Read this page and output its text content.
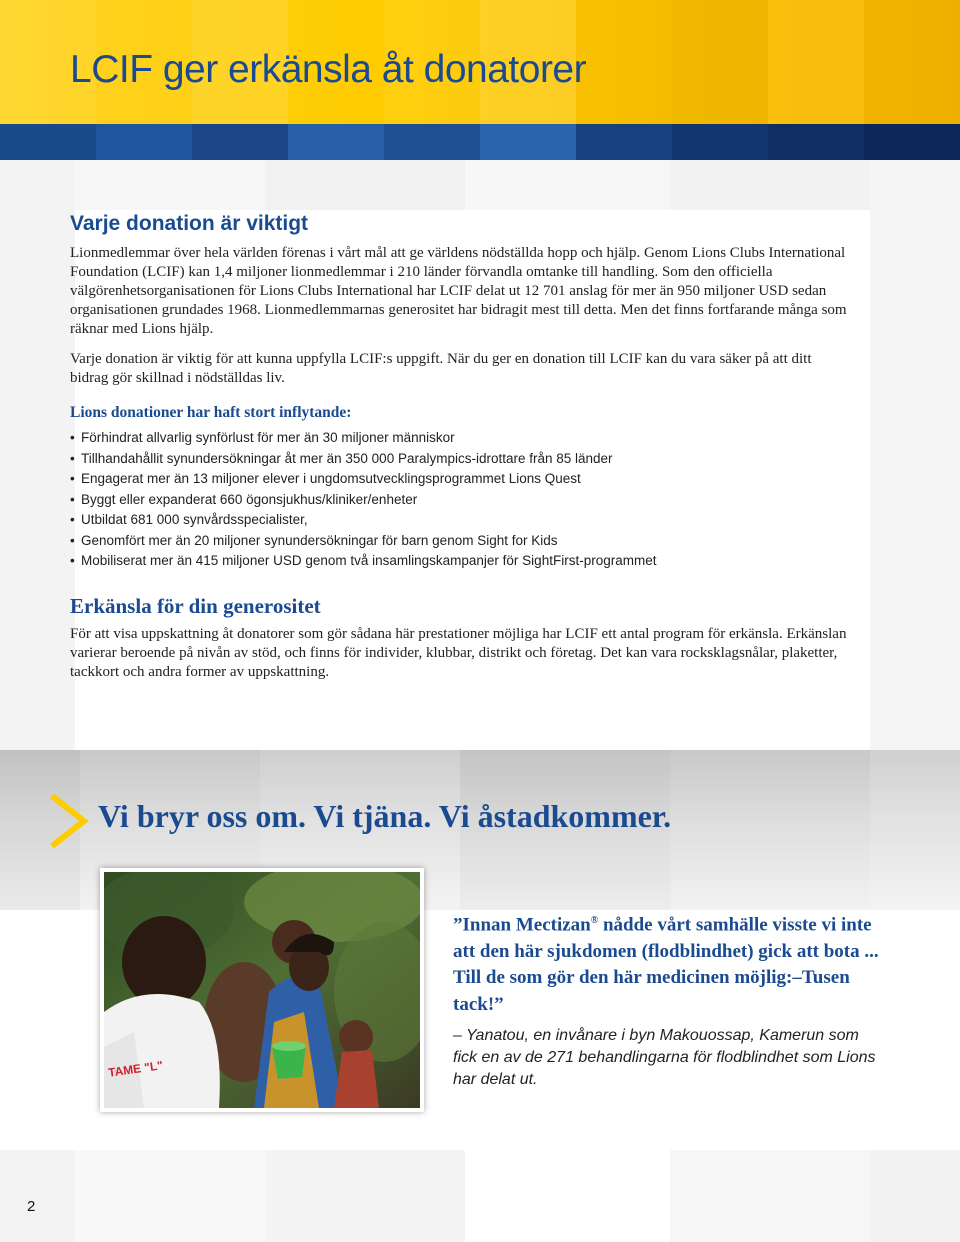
LCIF ger erkänsla åt donatorer
Varje donation är viktigt

Lionmedlemmar över hela världen förenas i vårt mål att ge världens nödställda hopp och hjälp. Genom Lions Clubs International Foundation (LCIF) kan 1,4 miljoner lionmedlemmar i 210 länder förvandla omtanke till handling. Som den officiella välgörenhetsorganisationen för Lions Clubs International har LCIF delat ut 12 701 anslag för mer än 950 miljoner USD sedan organisationen grundades 1968. Lionmedlemmarnas generositet har bidragit mest till detta. Men det finns fortfarande många som räknar med Lions hjälp.

Varje donation är viktig för att kunna uppfylla LCIF:s uppgift. När du ger en donation till LCIF kan du vara säker på att ditt bidrag gör skillnad i nödställdas liv.

Lions donationer har haft stort inflytande:

• Förhindrat allvarlig synförlust för mer än 30 miljoner människor
• Tillhandahållit synundersökningar åt mer än 350 000 Paralympics-idrottare från 85 länder
• Engagerat mer än 13 miljoner elever i ungdomsutvecklingsprogrammet Lions Quest
• Byggt eller expanderat 660 ögonsjukhus/kliniker/enheter
• Utbildat 681 000 synvårdsspecialister,
• Genomfört mer än 20 miljoner synundersökningar för barn genom Sight for Kids
• Mobiliserat mer än 415 miljoner USD genom två insamlingskampanjer för SightFirst-programmet
Erkänsla för din generositet

För att visa uppskattning åt donatorer som gör sådana här prestationer möjliga har LCIF ett antal program för erkänsla. Erkänslan varierar beroende på nivån av stöd, och finns för individer, klubbar, distrikt och företag. Det kan vara rocksklagsnålar, plaketter, tackkort och andra former av uppskattning.

Vi bryr oss om. Vi tjäna. Vi åstadkommer.
TAME "L"

”Innan Mectizan® nådde vårt samhälle visste vi inte att den här sjukdomen (flodblindhet) gick att bota ... Till de som gör den här medicinen möjlig:–Tusen tack!”

– Yanatou, en invånare i byn Makouossap, Kamerun som fick en av de 271 behandlingarna för flodblindhet som Lions har delat ut.

2
